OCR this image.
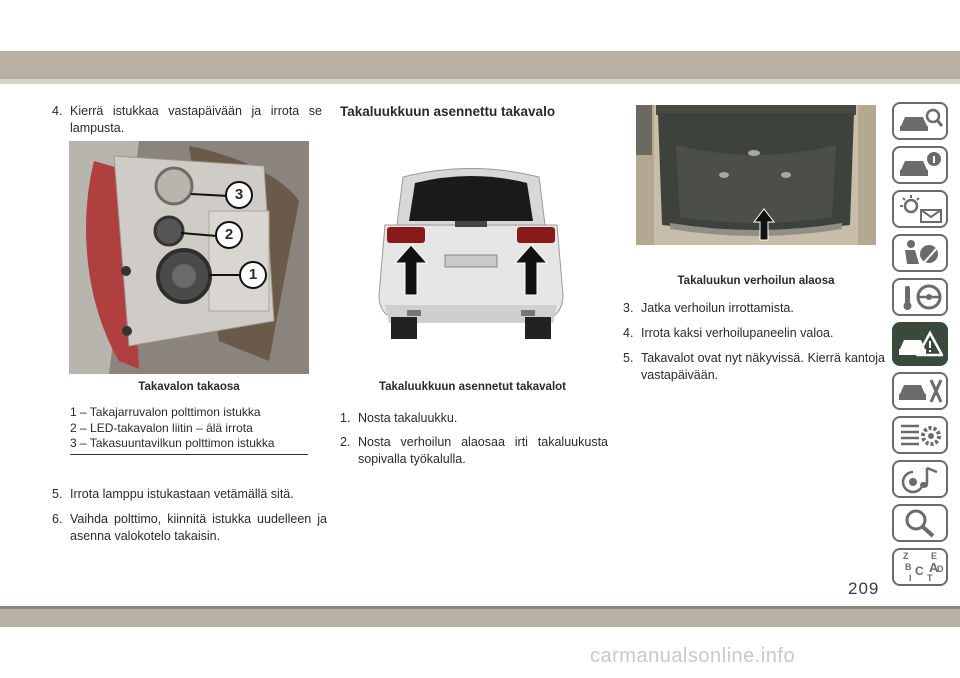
4. Kierrä istukkaa vastapäivään ja irrota se lampusta.

3
2
1

Takavalon takaosa

1 – Takajarruvalon polttimon istukka
2 – LED-takavalon liitin – älä irrota
3 – Takasuuntavilkun polttimon istukka

5. Irrota lamppu istukastaan vetämällä sitä.

6. Vaihda polttimo, kiinnitä istukka uudelleen ja asenna valokotelo takaisin.

Takaluukkuun asennettu takavalo

Takaluukkuun asennetut takavalot

1. Nosta takaluukku.

2. Nosta verhoilun alaosaa irti takaluukusta sopivalla työkalulla.

Takaluukun verhoilun alaosa

3. Jatka verhoilun irrottamista.

4. Irrota kaksi verhoilupaneelin valoa.

5. Takavalot ovat nyt näkyvissä. Kierrä kantoja vastapäivään.

Z	E
B A
C D
I T
209
carmanualsonline.info
